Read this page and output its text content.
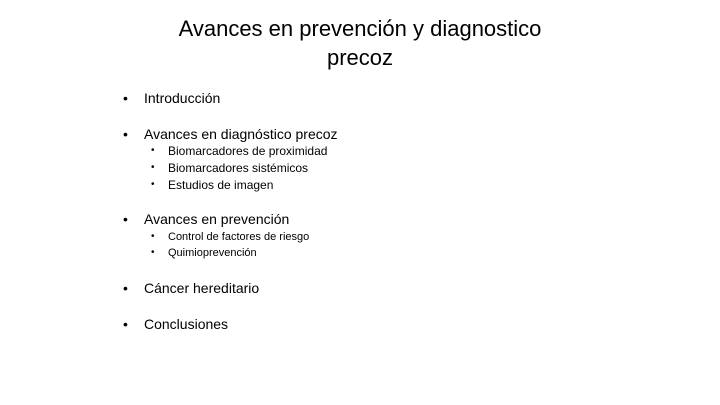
Avances en prevención y diagnostico
precoz
• Introducción
• Avances en diagnóstico precoz
• Biomarcadores de proximidad
• Biomarcadores sistémicos
• Estudios de imagen
• Avances en prevención
• Control de factores de riesgo
• Quimioprevención
• Cáncer hereditario
• Conclusiones
